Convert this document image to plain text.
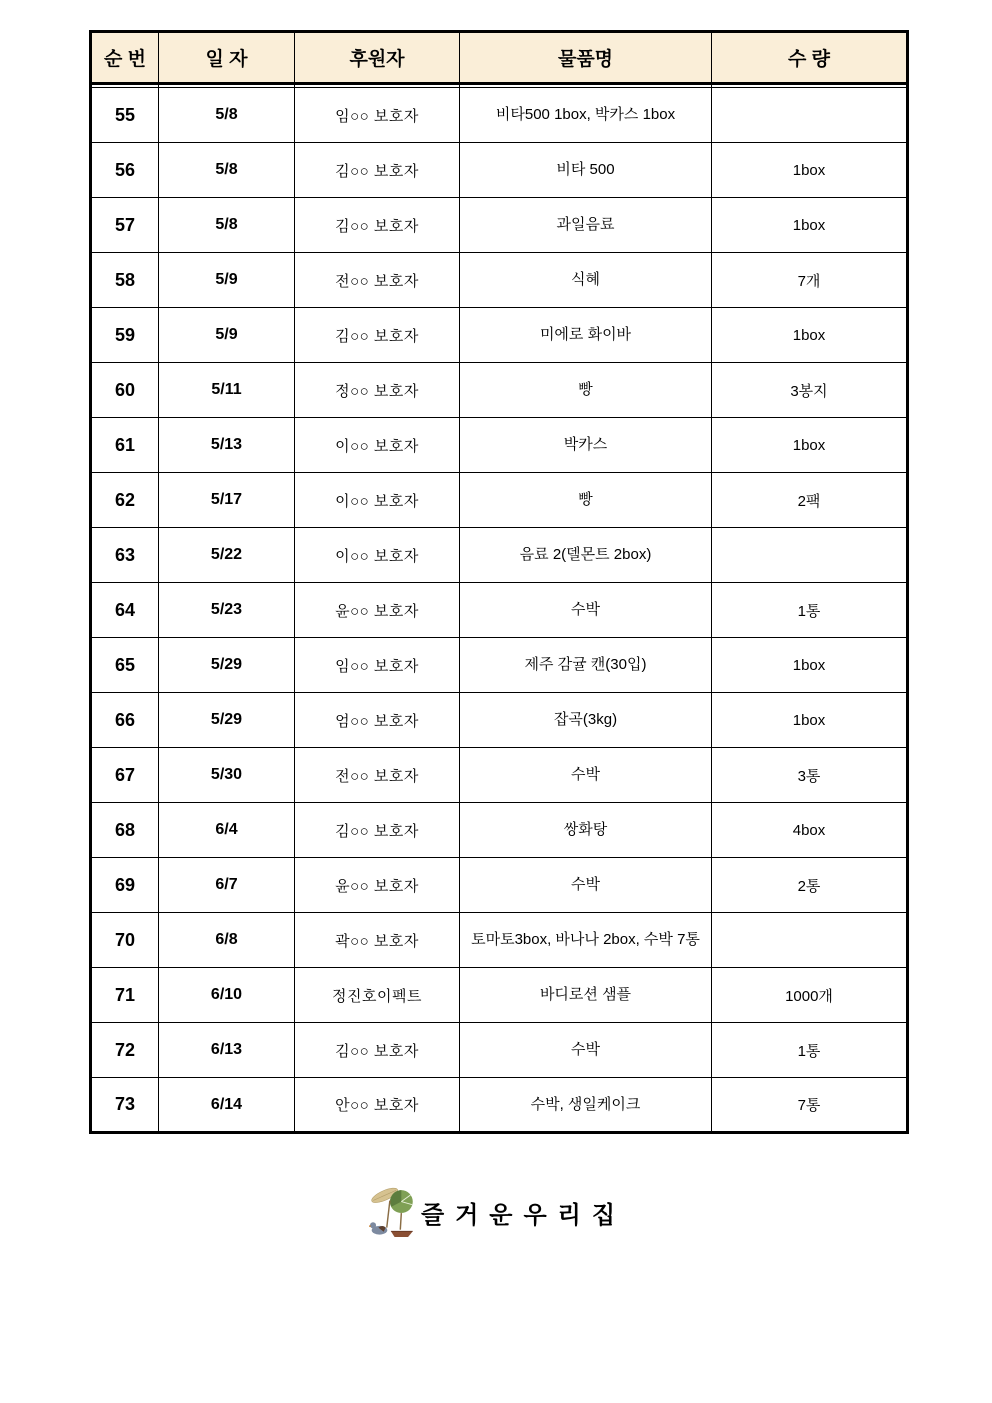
순 번	일 자	후원자	물품명	수 량

55	5/8	임○○ 보호자	비타500 1box, 박카스 1box	
56	5/8	김○○ 보호자	비타 500	1box
57	5/8	김○○ 보호자	과일음료	1box
58	5/9	전○○ 보호자	식혜	7개
59	5/9	김○○ 보호자	미에로 화이바	1box
60	5/11	정○○ 보호자	빵	3봉지
61	5/13	이○○ 보호자	박카스	1box
62	5/17	이○○ 보호자	빵	2팩
63	5/22	이○○ 보호자	음료 2(델몬트 2box)	
64	5/23	윤○○ 보호자	수박	1통
65	5/29	임○○ 보호자	제주 감귤 캔(30입)	1box
66	5/29	엄○○ 보호자	잡곡(3kg)	1box
67	5/30	전○○ 보호자	수박	3통
68	6/4	김○○ 보호자	쌍화탕	4box
69	6/7	윤○○ 보호자	수박	2통
70	6/8	곽○○ 보호자	토마토3box, 바나나 2box, 수박 7통	
71	6/10	정진호이펙트	바디로션 샘플	1000개
72	6/13	김○○ 보호자	수박	1통
73	6/14	안○○ 보호자	수박, 생일케이크	7통
즐거운우리집
